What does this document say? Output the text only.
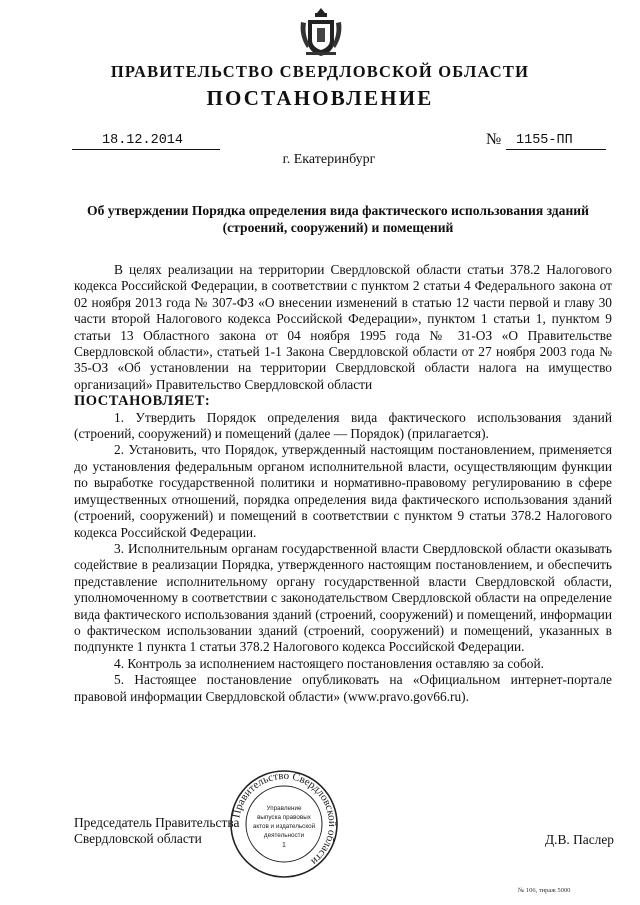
ПРАВИТЕЛЬСТВО СВЕРДЛОВСКОЙ ОБЛАСТИ
ПОСТАНОВЛЕНИЕ
18.12.2014	№	1155-ПП
г. Екатеринбург
Об утверждении Порядка определения вида фактического использования зданий
(строений, сооружений) и помещений

В целях реализации на территории Свердловской области статьи 378.2 Налогового кодекса Российской Федерации, в соответствии с пунктом 2 статьи 4 Федерального закона от 02 ноября 2013 года № 307-ФЗ «О внесении изменений в статью 12 части первой и главу 30 части второй Налогового кодекса Российской Федерации», пунктом 1 статьи 1, пунктом 9 статьи 13 Областного закона от 04 ноября 1995 года № 31-ОЗ «О Правительстве Свердловской области», статьей 1-1 Закона Свердловской области от 27 ноября 2003 года № 35-ОЗ «Об установлении на территории Свердловской области налога на имущество организаций» Правительство Свердловской области

ПОСТАНОВЛЯЕТ:

1. Утвердить Порядок определения вида фактического использования зданий (строений, сооружений) и помещений (далее — Порядок) (прилагается).

2. Установить, что Порядок, утвержденный настоящим постановлением, применяется до установления федеральным органом исполнительной власти, осуществляющим функции по выработке государственной политики и нормативно-правовому регулированию в сфере имущественных отношений, порядка определения вида фактического использования зданий (строений, сооружений) и помещений в соответствии с пунктом 9 статьи 378.2 Налогового кодекса Российской Федерации.

3. Исполнительным органам государственной власти Свердловской области оказывать содействие в реализации Порядка, утвержденного настоящим постановлением, и обеспечить представление исполнительному органу государственной власти Свердловской области, уполномоченному в соответствии с законодательством Свердловской области на определение вида фактического использования зданий (строений, сооружений) и помещений, информации о фактическом использовании зданий (строений, сооружений) и помещений, указанных в подпункте 1 пункта 1 статьи 378.2 Налогового кодекса Российской Федерации.

4. Контроль за исполнением настоящего постановления оставляю за собой.

5. Настоящее постановление опубликовать на «Официальном интернет-портале правовой информации Свердловской области» (www.pravo.gov66.ru).

Председатель Правительства
Свердловской области	Д.В. Паслер
Правительство Свердловской области
Управление
выпуска правовых
актов и издательской
деятельности
1
№ 106, тираж 5000
